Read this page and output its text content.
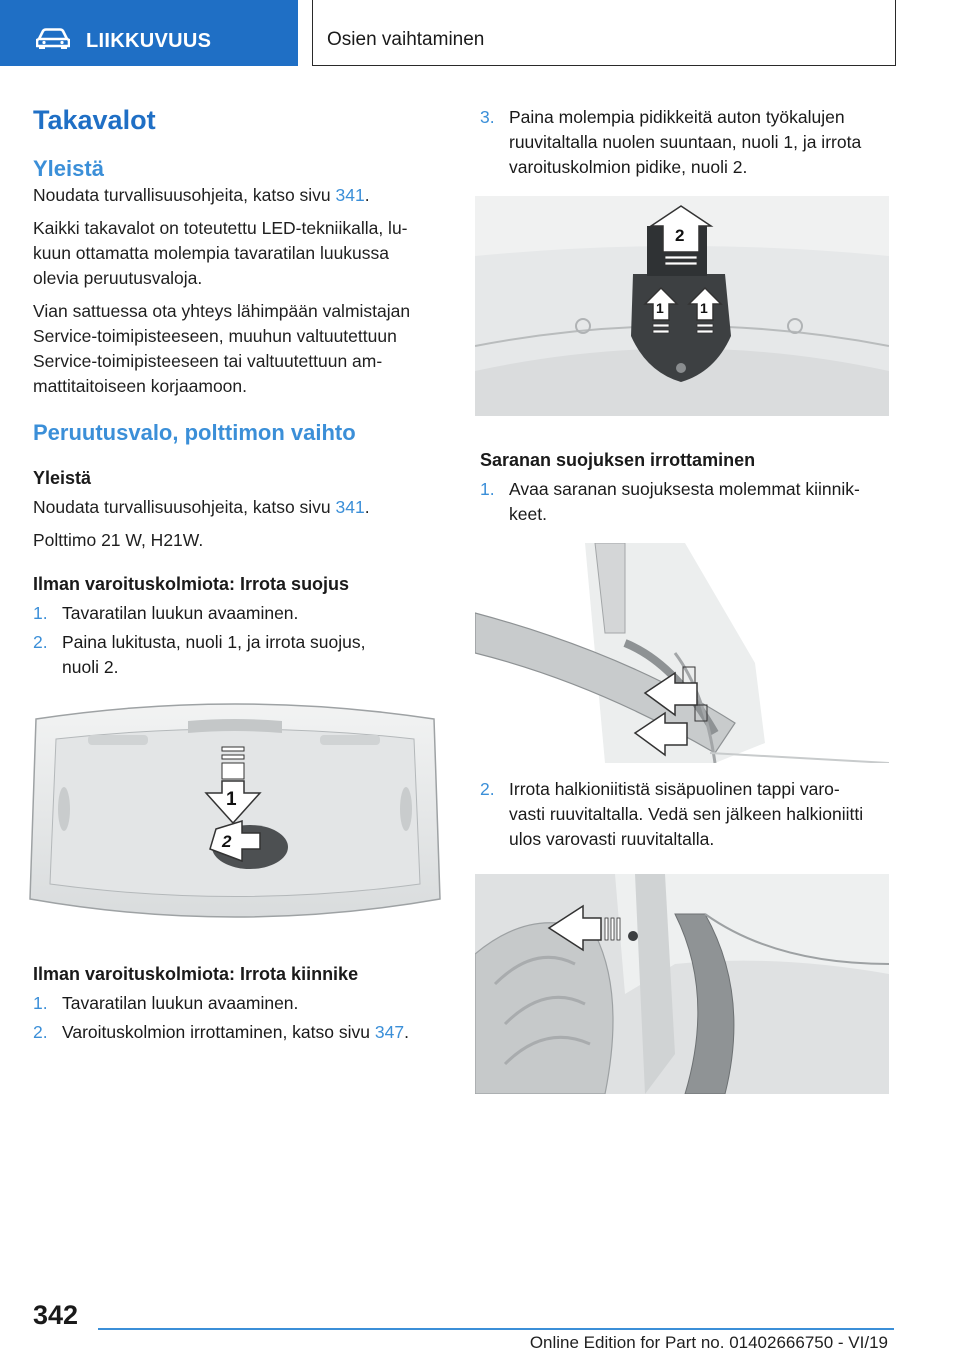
LIIKKUVUUS	Osien vaihtaminen
Takavalot
Yleistä

Noudata turvallisuusohjeita, katso sivu 341.

Kaikki takavalot on toteutettu LED-tekniikalla, lu-
kuun ottamatta molempia tavaratilan luukussa
olevia peruutusvaloja.

Vian sattuessa ota yhteys lähimpään valmistajan
Service-toimipisteeseen, muuhun valtuutettuun
Service-toimipisteeseen tai valtuutettuun am-
mattitaitoiseen korjaamoon.

Peruutusvalo, polttimon vaihto
Yleistä

Noudata turvallisuusohjeita, katso sivu 341.

Polttimo 21 W, H21W.

Ilman varoituskolmiota: Irrota suojus
1. Tavaratilan luukun avaaminen.
2. Paina lukitusta, nuoli 1, ja irrota suojus,
nuoli 2.
1
2
Ilman varoituskolmiota: Irrota kiinnike
1. Tavaratilan luukun avaaminen.
2. Varoituskolmion irrottaminen, katso sivu 347.
3. Paina molempia pidikkeitä auton työkalujen
ruuvitaltalla nuolen suuntaan, nuoli 1, ja irrota
varoituskolmion pidike, nuoli 2.
2
1	1
Saranan suojuksen irrottaminen
1. Avaa saranan suojuksesta molemmat kiinnik-
keet.
2. Irrota halkioniitistä sisäpuolinen tappi varo-
vasti ruuvitaltalla. Vedä sen jälkeen halkioniitti
ulos varovasti ruuvitaltalla.
342
Online Edition for Part no. 01402666750 - VI/19
